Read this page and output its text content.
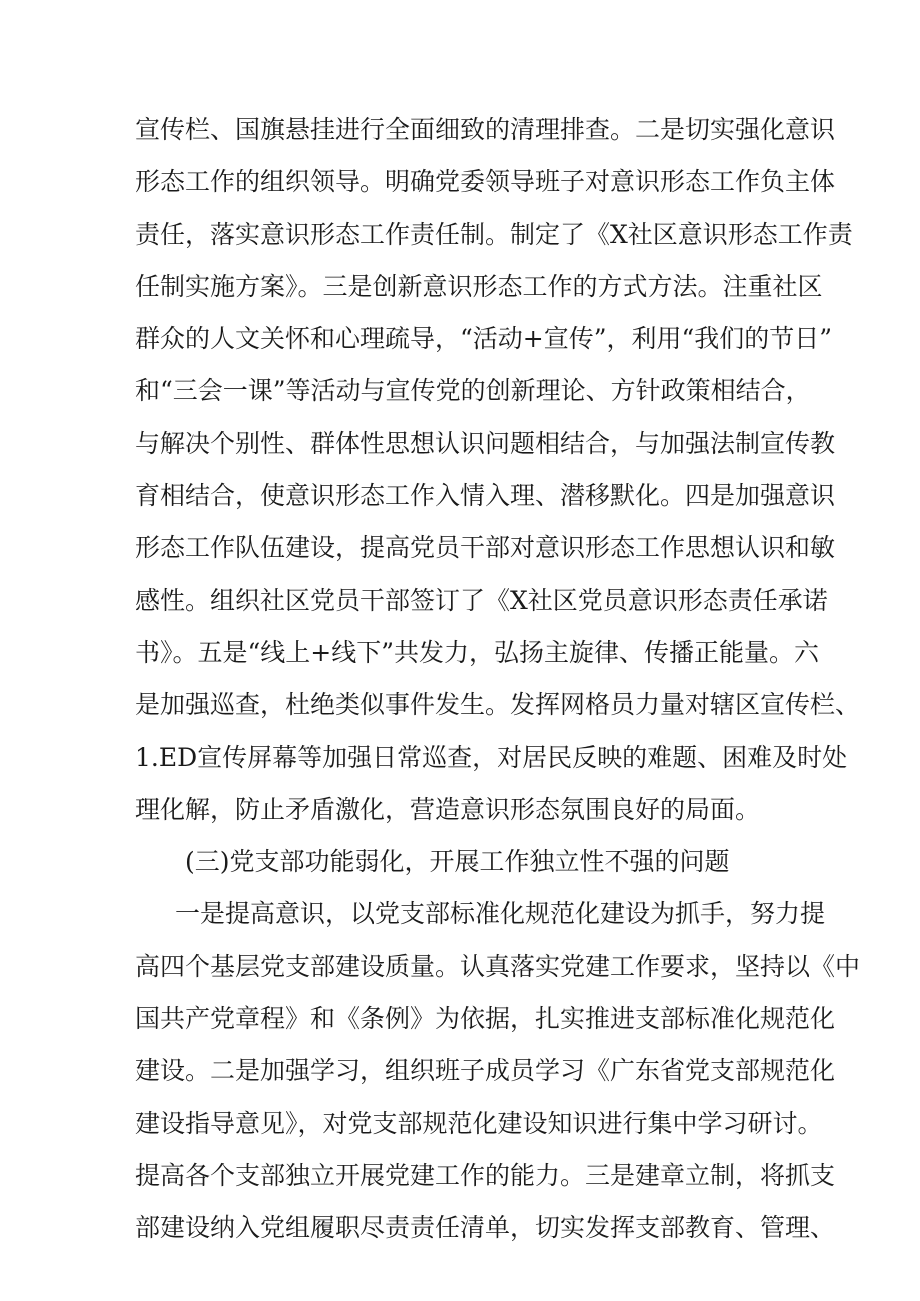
宣传栏、国旗悬挂进行全面细致的清理排查。二是切实强化意识
形态工作的组织领导。明确党委领导班子对意识形态工作负主体
责任，落实意识形态工作责任制。制定了《X社区意识形态工作责
任制实施方案》。三是创新意识形态工作的方式方法。注重社区
群众的人文关怀和心理疏导，“活动+宣传”，利用“我们的节日”
和“三会一课”等活动与宣传党的创新理论、方针政策相结合，
与解决个别性、群体性思想认识问题相结合，与加强法制宣传教
育相结合，使意识形态工作入情入理、潜移默化。四是加强意识
形态工作队伍建设，提高党员干部对意识形态工作思想认识和敏
感性。组织社区党员干部签订了《X社区党员意识形态责任承诺
书》。五是“线上+线下”共发力，弘扬主旋律、传播正能量。六
是加强巡查，杜绝类似事件发生。发挥网格员力量对辖区宣传栏、
1.ED宣传屏幕等加强日常巡查，对居民反映的难题、困难及时处
理化解，防止矛盾激化，营造意识形态氛围良好的局面。
(三)党支部功能弱化，开展工作独立性不强的问题
一是提高意识，以党支部标准化规范化建设为抓手，努力提
高四个基层党支部建设质量。认真落实党建工作要求，坚持以《中
国共产党章程》和《条例》为依据，扎实推进支部标准化规范化
建设。二是加强学习，组织班子成员学习《广东省党支部规范化
建设指导意见》，对党支部规范化建设知识进行集中学习研讨。
提高各个支部独立开展党建工作的能力。三是建章立制，将抓支
部建设纳入党组履职尽责责任清单，切实发挥支部教育、管理、
